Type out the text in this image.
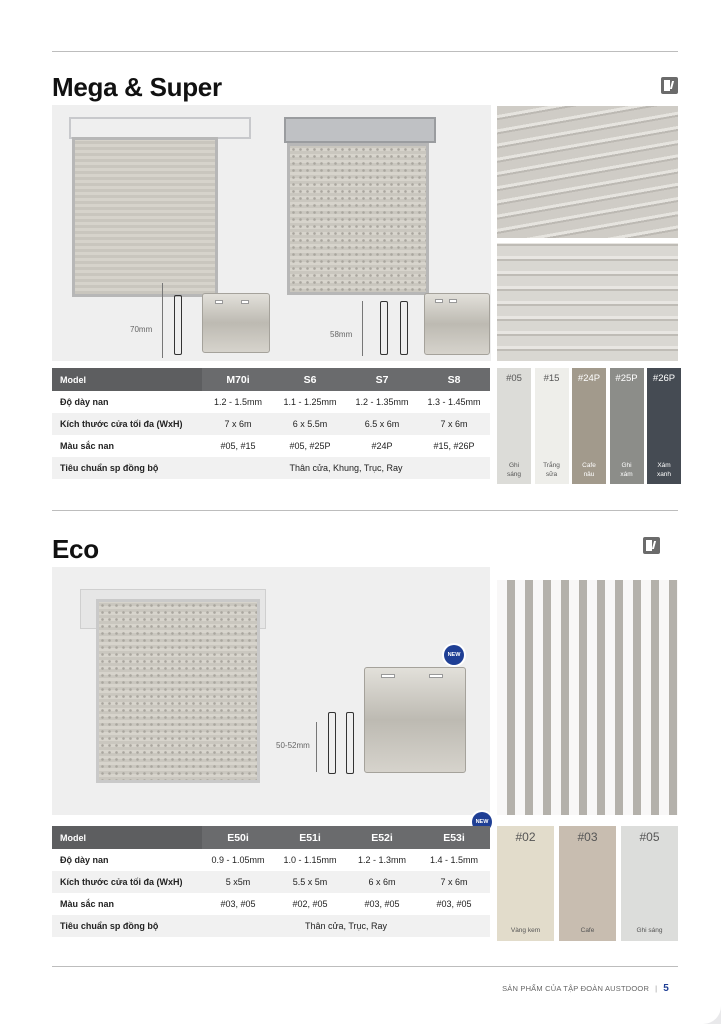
Mega & Super
70mm
58mm
Model	M70i	S6	S7	S8
Độ dày nan	1.2 - 1.5mm	1.1 - 1.25mm	1.2 - 1.35mm	1.3 - 1.45mm
Kích thước cửa tối đa (WxH)	7 x 6m	6 x 5.5m	6.5 x 6m	7 x 6m
Màu sắc nan	#05, #15	#05, #25P	#24P	#15, #26P
Tiêu chuẩn sp đồng bộ	Thân cửa, Khung, Trục, Ray			
#05
Ghi
sáng
#15
Trắng
sữa
#24P
Cafe
nâu
#25P
Ghi
xám
#26P
Xám
xanh
Eco
50-52mm
NEW
NEW
Model	E50i	E51i	E52i	E53i
Độ dày nan	0.9 - 1.05mm	1.0 - 1.15mm	1.2 - 1.3mm	1.4 - 1.5mm
Kích thước cửa tối đa (WxH)	5 x5m	5.5 x 5m	6 x 6m	7 x 6m
Màu sắc nan	#03, #05	#02, #05	#03, #05	#03, #05
Tiêu chuẩn sp đồng bộ	Thân cửa, Trục, Ray			
#02
Vàng kem
#03
Cafe
#05
Ghi sáng
SẢN PHẨM CỦA TẬP ĐOÀN AUSTDOOR | 5
